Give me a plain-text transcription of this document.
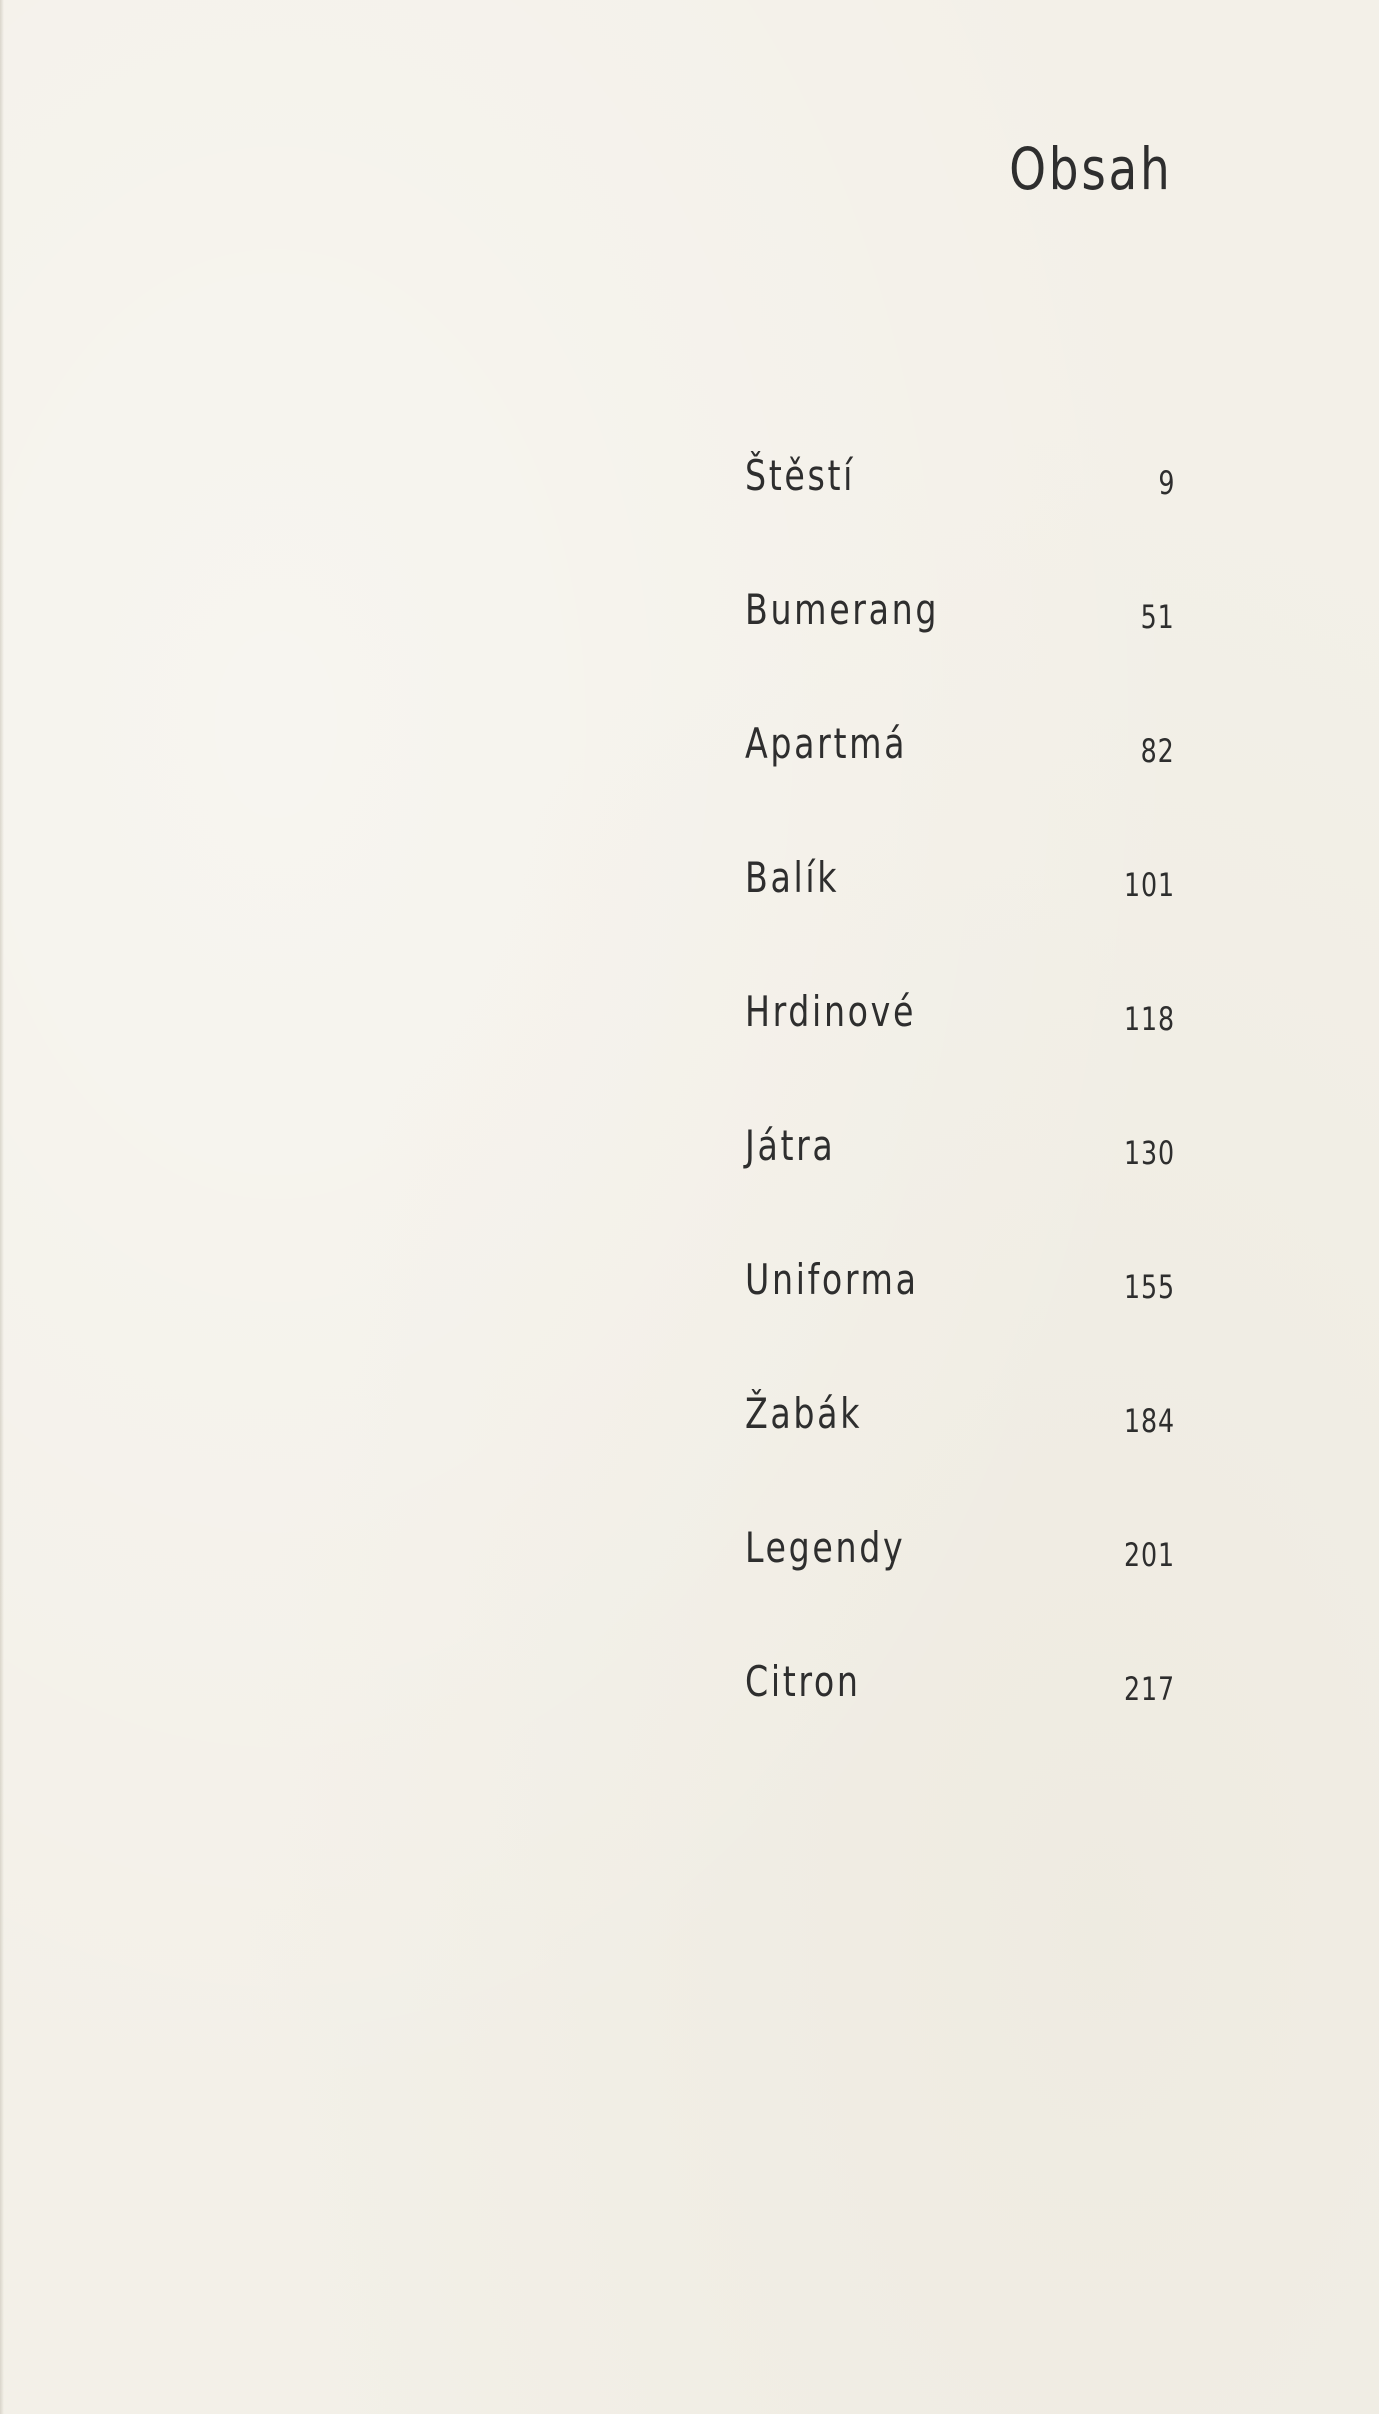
Obsah
Štěstí	9
Bumerang	51
Apartmá	82
Balík	101
Hrdinové	118
Játra	130
Uniforma	155
Žabák	184
Legendy	201
Citron	217
